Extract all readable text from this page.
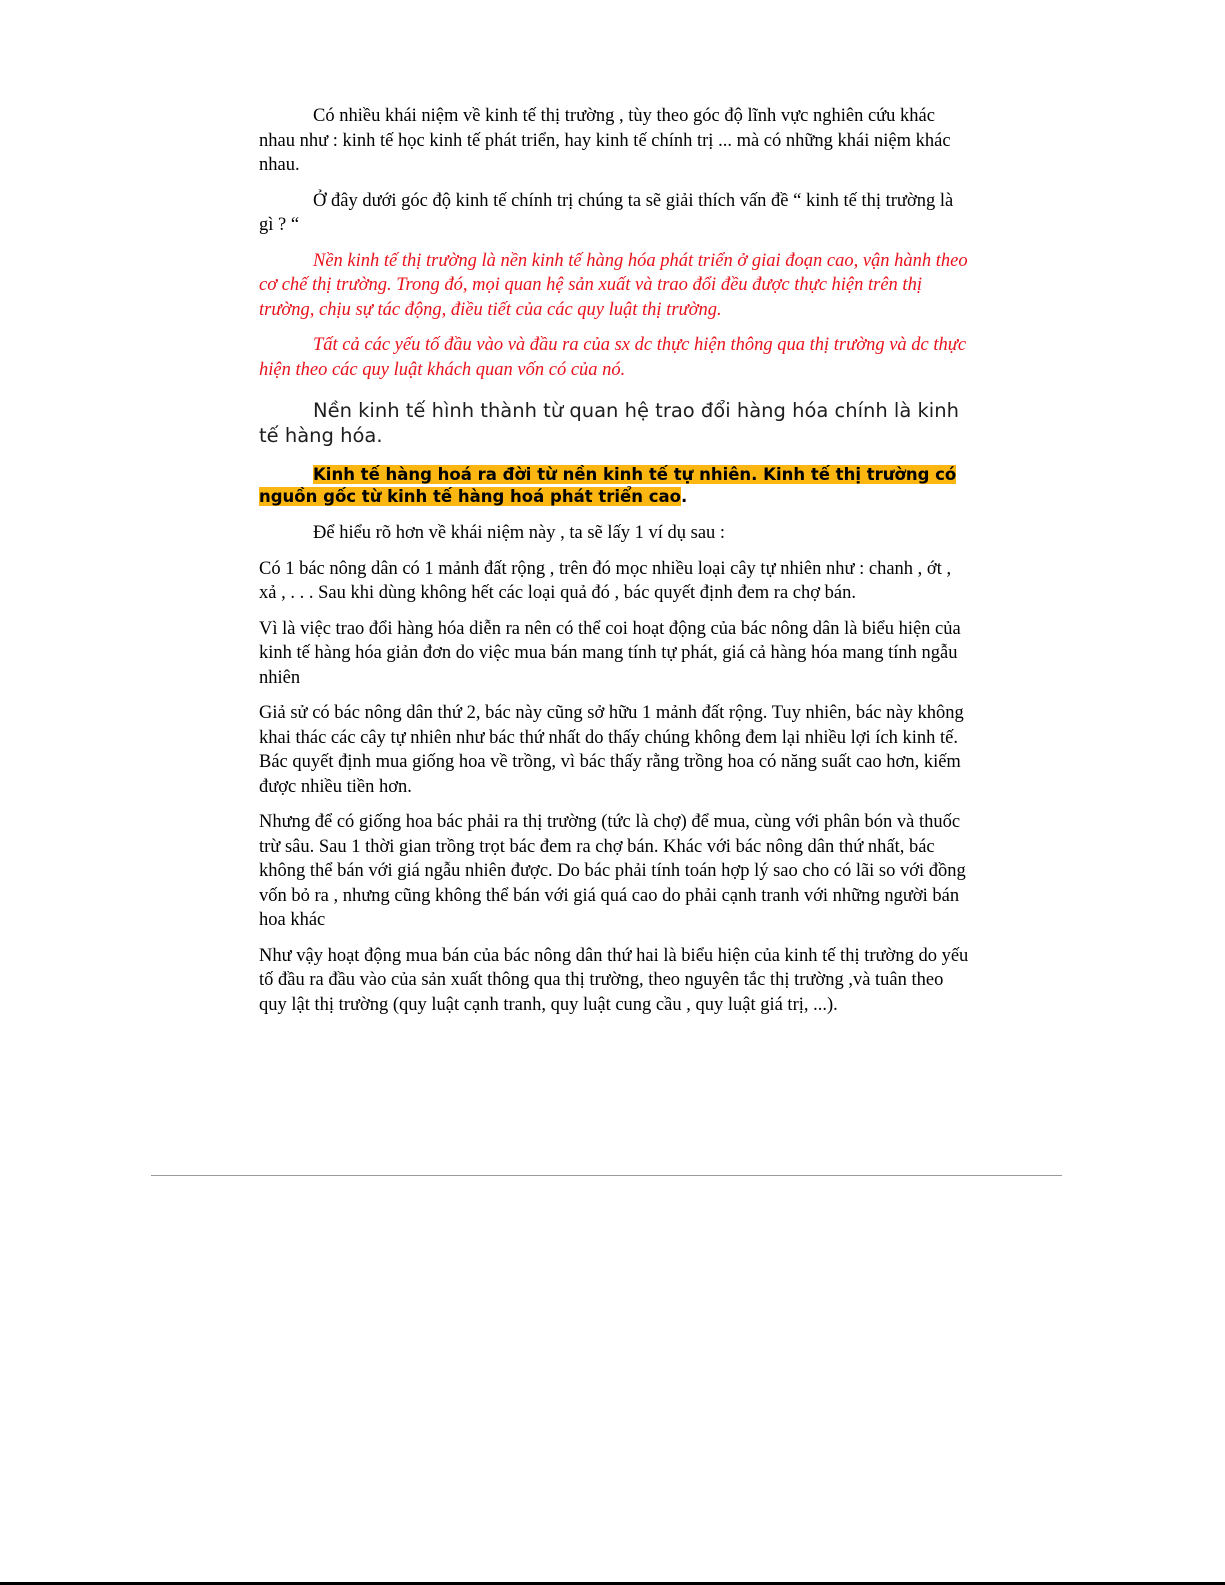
Có nhiều khái niệm về kinh tế thị trường , tùy theo góc độ lĩnh vực nghiên cứu khác nhau như : kinh tế học kinh tế phát triển, hay kinh tế chính trị ... mà có những khái niệm khác nhau.

Ở đây dưới góc độ kinh tế chính trị chúng ta sẽ giải thích vấn đề “ kinh tế thị trường là gì ? “

Nền kinh tế thị trường là nền kinh tế hàng hóa phát triển ở giai đoạn cao, vận hành theo cơ chế thị trường. Trong đó, mọi quan hệ sản xuất và trao đổi đều được thực hiện trên thị trường, chịu sự tác động, điều tiết của các quy luật thị trường.

Tất cả các yếu tố đầu vào và đầu ra của sx dc thực hiện thông qua thị trường và dc thực hiện theo các quy luật khách quan vốn có của nó.

Nền kinh tế hình thành từ quan hệ trao đổi hàng hóa chính là kinh tế hàng hóa.

Kinh tế hàng hoá ra đời từ nền kinh tế tự nhiên. Kinh tế thị trường có nguồn gốc từ kinh tế hàng hoá phát triển cao.

Để hiểu rõ hơn về khái niệm này , ta sẽ lấy 1 ví dụ sau :

Có 1 bác nông dân có 1 mảnh đất rộng , trên đó mọc nhiều loại cây tự nhiên như : chanh , ớt , xả , . . . Sau khi dùng không hết các loại quả đó , bác quyết định đem ra chợ bán.

Vì là việc trao đổi hàng hóa diễn ra nên có thể coi hoạt động của bác nông dân là biểu hiện của kinh tế hàng hóa giản đơn do việc mua bán mang tính tự phát, giá cả hàng hóa mang tính ngẫu nhiên

Giả sử có bác nông dân thứ 2, bác này cũng sở hữu 1 mảnh đất rộng. Tuy nhiên, bác này không khai thác các cây tự nhiên như bác thứ nhất do thấy chúng không đem lại nhiều lợi ích kinh tế. Bác quyết định mua giống hoa về trồng, vì bác thấy rằng trồng hoa có năng suất cao hơn, kiếm được nhiều tiền hơn.

Nhưng để có giống hoa bác phải ra thị trường (tức là chợ) để mua, cùng với phân bón và thuốc trừ sâu. Sau 1 thời gian trồng trọt bác đem ra chợ bán. Khác với bác nông dân thứ nhất, bác không thể bán với giá ngẫu nhiên được. Do bác phải tính toán hợp lý sao cho có lãi so với đồng vốn bỏ ra , nhưng cũng không thể bán với giá quá cao do phải cạnh tranh với những người bán hoa khác

Như vậy hoạt động mua bán của bác nông dân thứ hai là biểu hiện của kinh tế thị trường do yếu tố đầu ra đầu vào của sản xuất thông qua thị trường, theo nguyên tắc thị trường ,và tuân theo quy lật thị trường (quy luật cạnh tranh, quy luật cung cầu , quy luật giá trị, ...).
